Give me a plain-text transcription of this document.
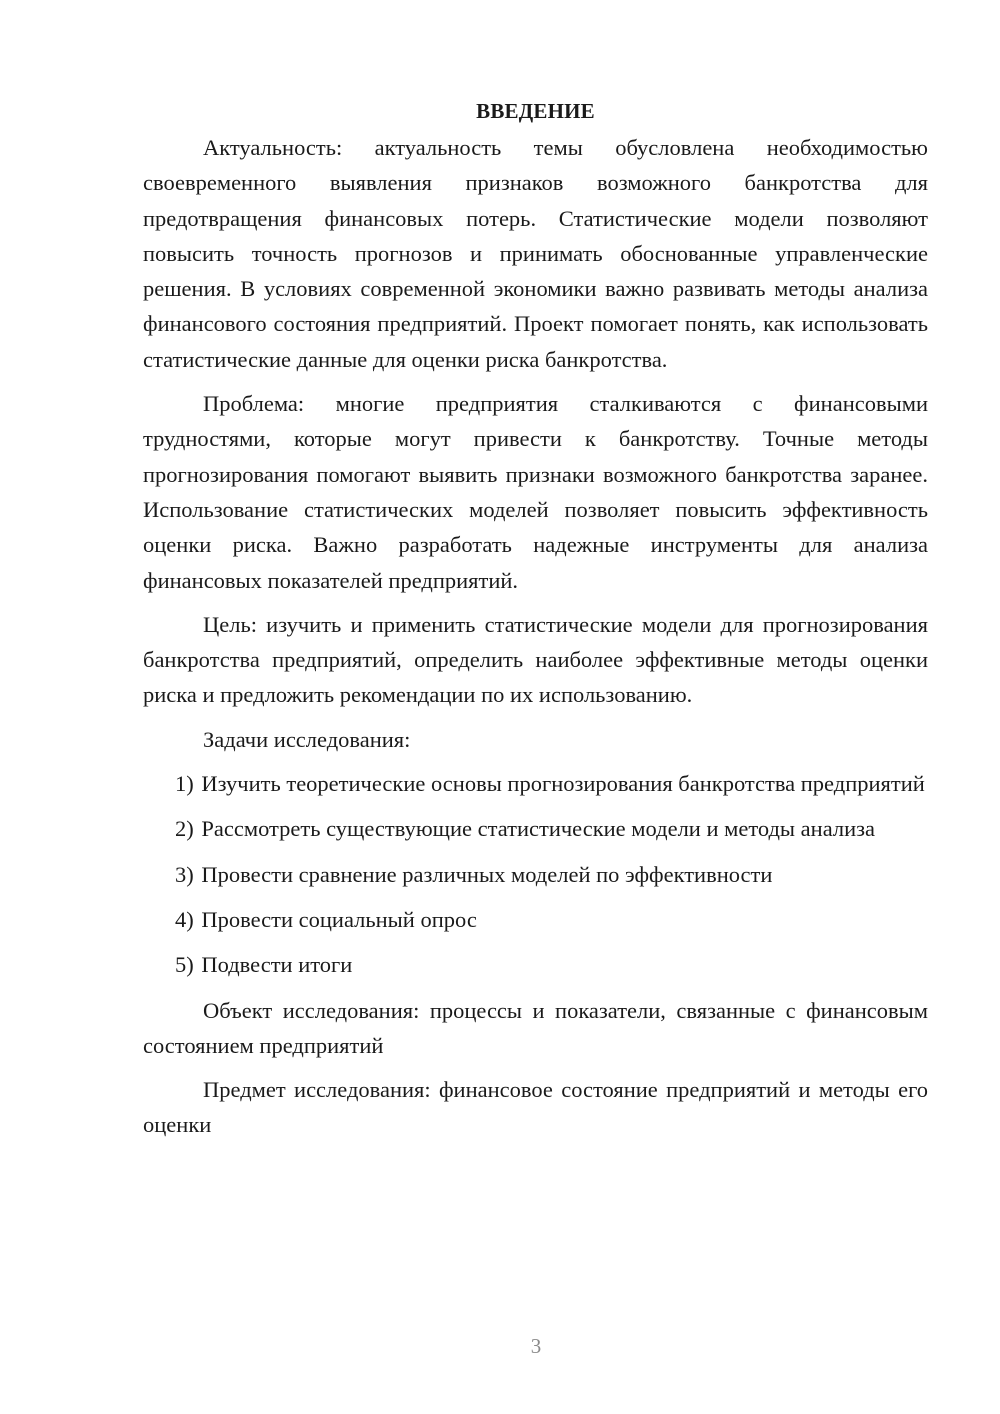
ВВЕДЕНИЕ

Актуальность: актуальность темы обусловлена необходимостью своевременного выявления признаков возможного банкротства для предотвращения финансовых потерь. Статистические модели позволяют повысить точность прогнозов и принимать обоснованные управленческие решения. В условиях современной экономики важно развивать методы анализа финансового состояния предприятий. Проект помогает понять, как использовать статистические данные для оценки риска банкротства.

Проблема: многие предприятия сталкиваются с финансовыми трудностями, которые могут привести к банкротству. Точные методы прогнозирования помогают выявить признаки возможного банкротства заранее. Использование статистических моделей позволяет повысить эффективность оценки риска. Важно разработать надежные инструменты для анализа финансовых показателей предприятий.

Цель: изучить и применить статистические модели для прогнозирования банкротства предприятий, определить наиболее эффективные методы оценки риска и предложить рекомендации по их использованию.

Задачи исследования:

1) Изучить теоретические основы прогнозирования банкротства предприятий

2) Рассмотреть существующие статистические модели и методы анализа

3) Провести сравнение различных моделей по эффективности

4) Провести социальный опрос

5) Подвести итоги

Объект исследования: процессы и показатели, связанные с финансовым состоянием предприятий

Предмет исследования: финансовое состояние предприятий и методы его оценки

3
